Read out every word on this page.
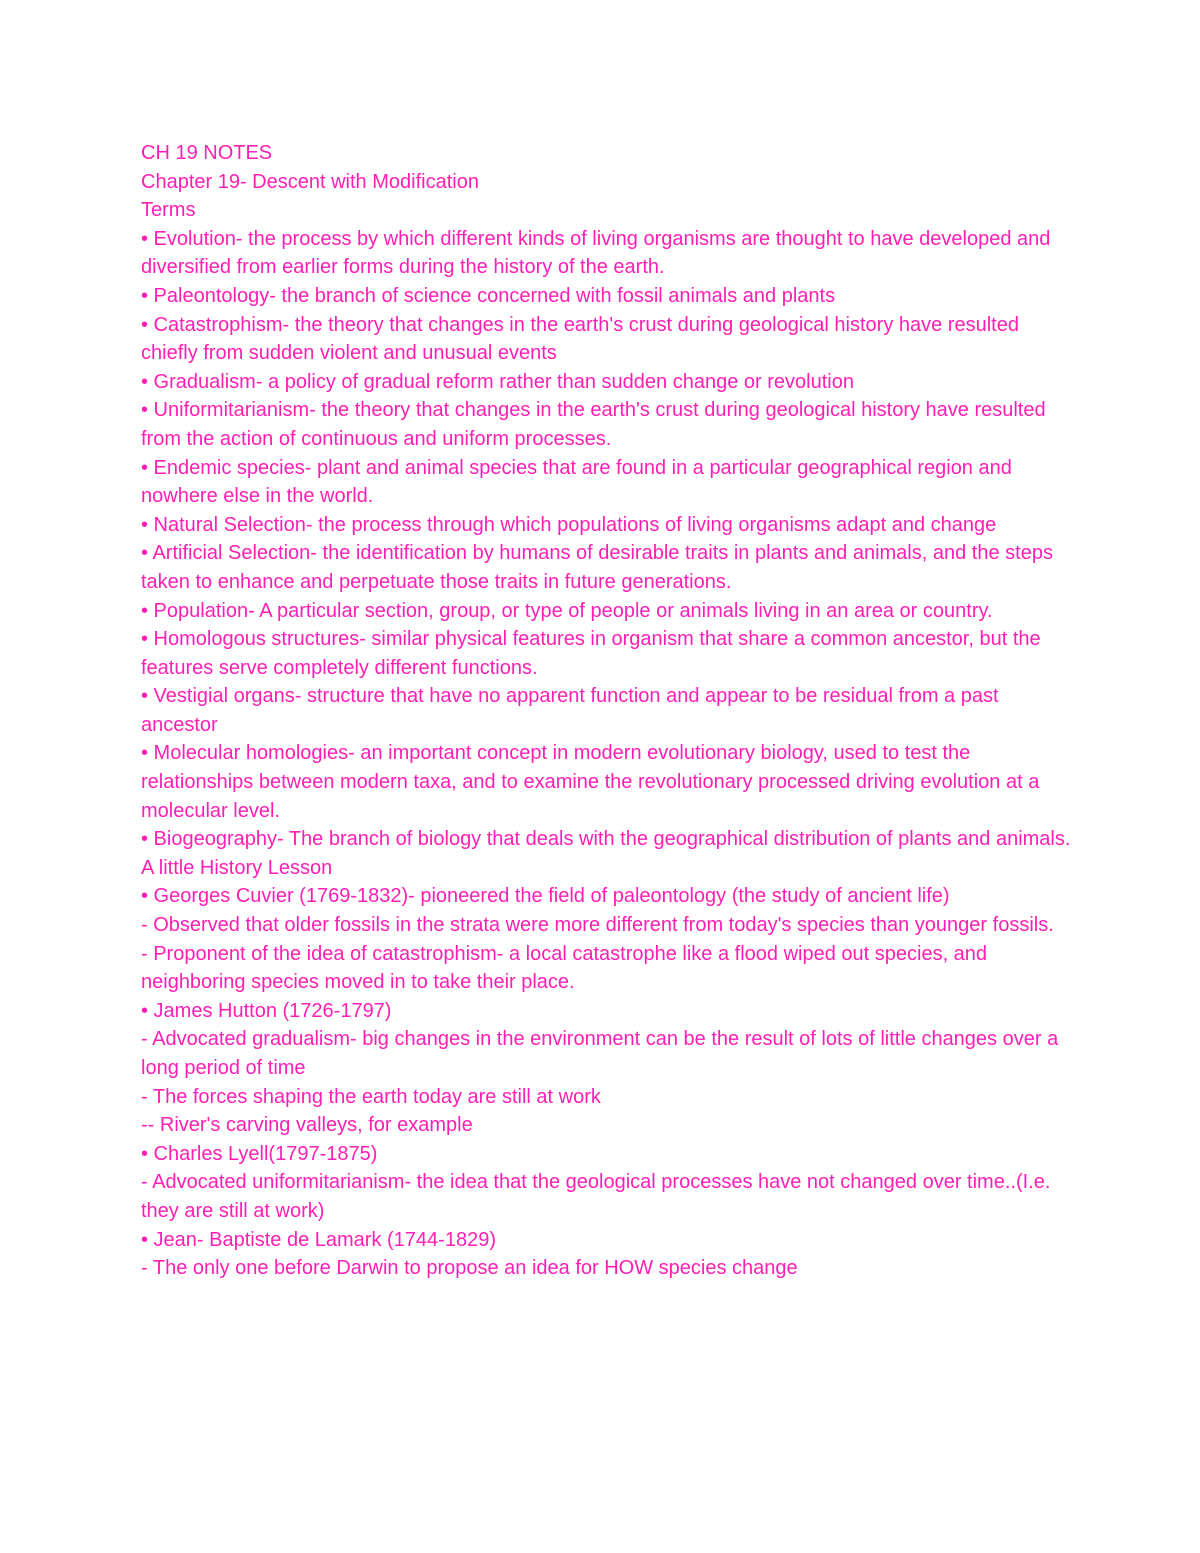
CH 19 NOTES
Chapter 19- Descent with Modification
Terms
• Evolution- the process by which different kinds of living organisms are thought to have developed and diversified from earlier forms during the history of the earth.
• Paleontology- the branch of science concerned with fossil animals and plants
• Catastrophism- the theory that changes in the earth's crust during geological history have resulted chiefly from sudden violent and unusual events
• Gradualism- a policy of gradual reform rather than sudden change or revolution
• Uniformitarianism- the theory that changes in the earth's crust during geological history have resulted from the action of continuous and uniform processes.
• Endemic species- plant and animal species that are found in a particular geographical region and nowhere else in the world.
• Natural Selection- the process through which populations of living organisms adapt and change
• Artificial Selection- the identification by humans of desirable traits in plants and animals, and the steps taken to enhance and perpetuate those traits in future generations.
• Population- A particular section, group, or type of people or animals living in an area or country.
• Homologous structures- similar physical features in organism that share a common ancestor, but the features serve completely different functions.
• Vestigial organs- structure that have no apparent function and appear to be residual from a past ancestor
• Molecular homologies- an important concept in modern evolutionary biology, used to test the relationships between modern taxa, and to examine the revolutionary processed driving evolution at a molecular level.
• Biogeography- The branch of biology that deals with the geographical distribution of plants and animals.
A little History Lesson
• Georges Cuvier (1769-1832)- pioneered the field of paleontology (the study of ancient life)
- Observed that older fossils in the strata were more different from today's species than younger fossils.
- Proponent of the idea of catastrophism- a local catastrophe like a flood wiped out species, and neighboring species moved in to take their place.
• James Hutton (1726-1797)
- Advocated gradualism- big changes in the environment can be the result of lots of little changes over a long period of time
- The forces shaping the earth today are still at work
-- River's carving valleys, for example
• Charles Lyell(1797-1875)
- Advocated uniformitarianism- the idea that the geological processes have not changed over time..(I.e. they are still at work)
• Jean- Baptiste de Lamark (1744-1829)
- The only one before Darwin to propose an idea for HOW species change
